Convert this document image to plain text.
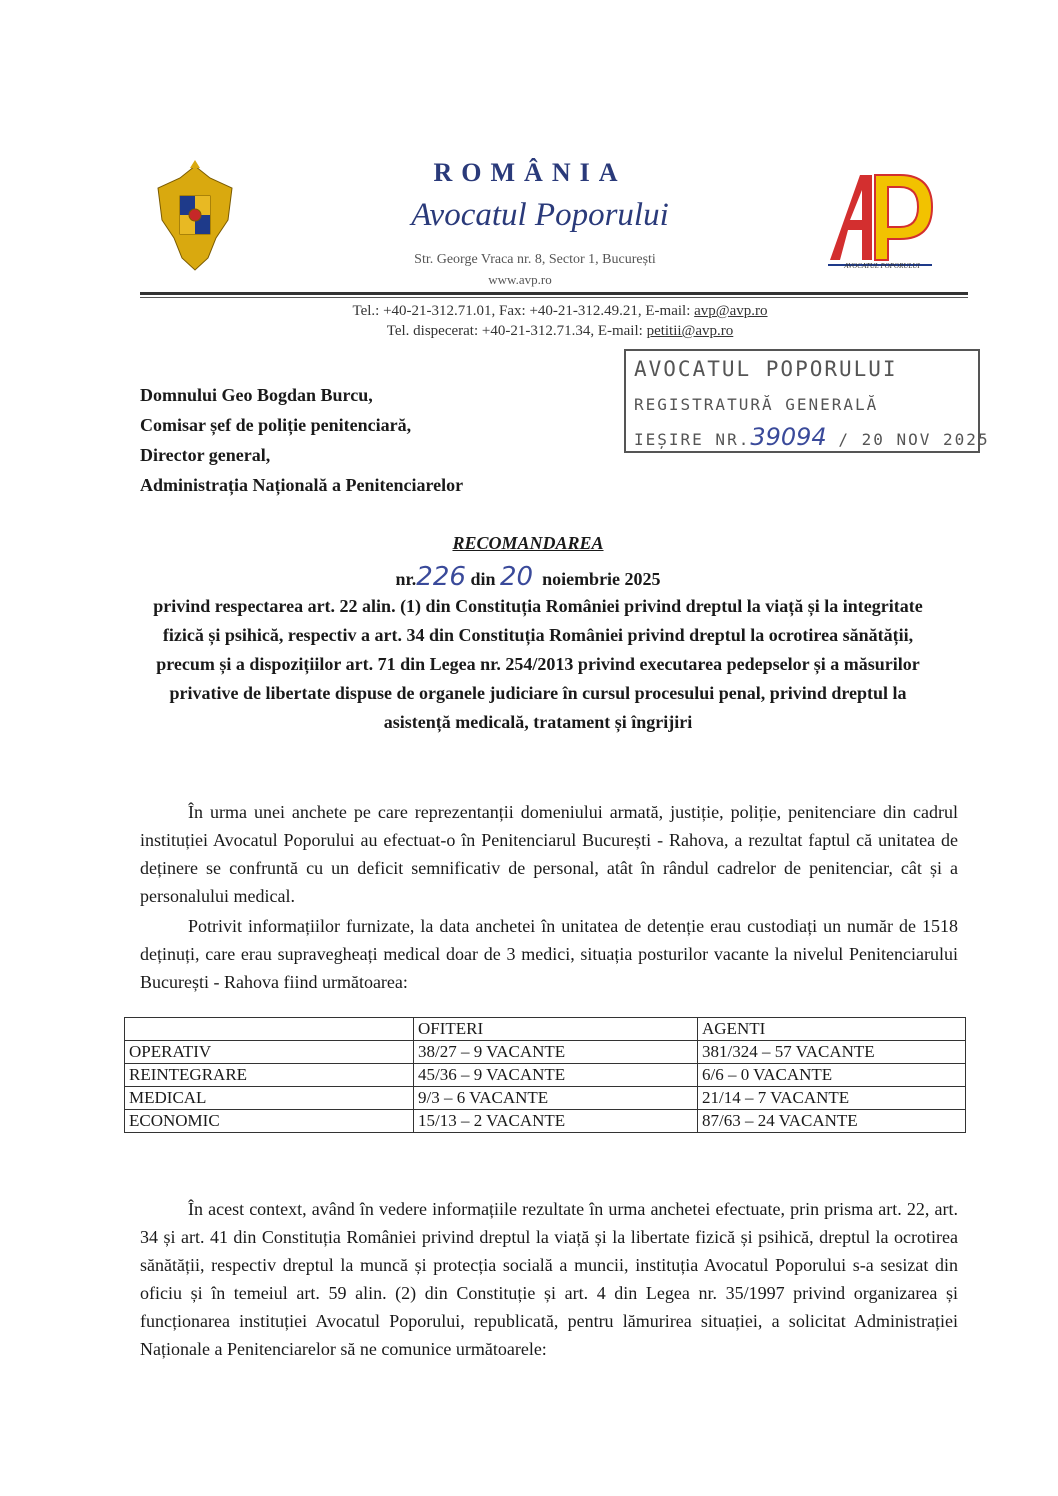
ROMÂNIA
Avocatul Poporului
Str. George Vraca nr. 8, Sector 1, București
www.avp.ro
AVOCATUL POPORULUI
Tel.: +40-21-312.71.01, Fax: +40-21-312.49.21, E-mail: avp@avp.ro
Tel. dispecerat: +40-21-312.71.34, E-mail: petitii@avp.ro
AVOCATUL POPORULUI
REGISTRATURĂ GENERALĂ
IEȘIRE NR.39094 / 20 NOV 2025
Domnului Geo Bogdan Burcu,
Comisar șef de poliție penitenciară,
Director general,
Administrația Națională a Penitenciarelor
RECOMANDAREA
nr.226 din 20 noiembrie 2025
privind respectarea art. 22 alin. (1) din Constituția României privind dreptul la viață și la integritate fizică și psihică, respectiv a art. 34 din Constituția României privind dreptul la ocrotirea sănătății, precum și a dispozițiilor art. 71 din Legea nr. 254/2013 privind executarea pedepselor și a măsurilor privative de libertate dispuse de organele judiciare în cursul procesului penal, privind dreptul la asistență medicală, tratament și îngrijiri
În urma unei anchete pe care reprezentanții domeniului armată, justiție, poliție, penitenciare din cadrul instituției Avocatul Poporului au efectuat-o în Penitenciarul București - Rahova, a rezultat faptul că unitatea de deținere se confruntă cu un deficit semnificativ de personal, atât în rândul cadrelor de penitenciar, cât și a personalului medical.
Potrivit informațiilor furnizate, la data anchetei în unitatea de detenție erau custodiați un număr de 1518 deținuți, care erau supravegheați medical doar de 3 medici, situația posturilor vacante la nivelul Penitenciarului București - Rahova fiind următoarea:
	OFITERI	AGENTI
OPERATIV	38/27 – 9 VACANTE	381/324 – 57 VACANTE
REINTEGRARE	45/36 – 9 VACANTE	6/6 – 0 VACANTE
MEDICAL	9/3 – 6 VACANTE	21/14 – 7 VACANTE
ECONOMIC	15/13 – 2 VACANTE	87/63 – 24 VACANTE
În acest context, având în vedere informațiile rezultate în urma anchetei efectuate, prin prisma art. 22, art. 34 și art. 41 din Constituția României privind dreptul la viață și la libertate fizică și psihică, dreptul la ocrotirea sănătății, respectiv dreptul la muncă și protecția socială a muncii, instituția Avocatul Poporului s-a sesizat din oficiu și în temeiul art. 59 alin. (2) din Constituție și art. 4 din Legea nr. 35/1997 privind organizarea și funcționarea instituției Avocatul Poporului, republicată, pentru lămurirea situației, a solicitat Administrației Naționale a Penitenciarelor să ne comunice următoarele:
